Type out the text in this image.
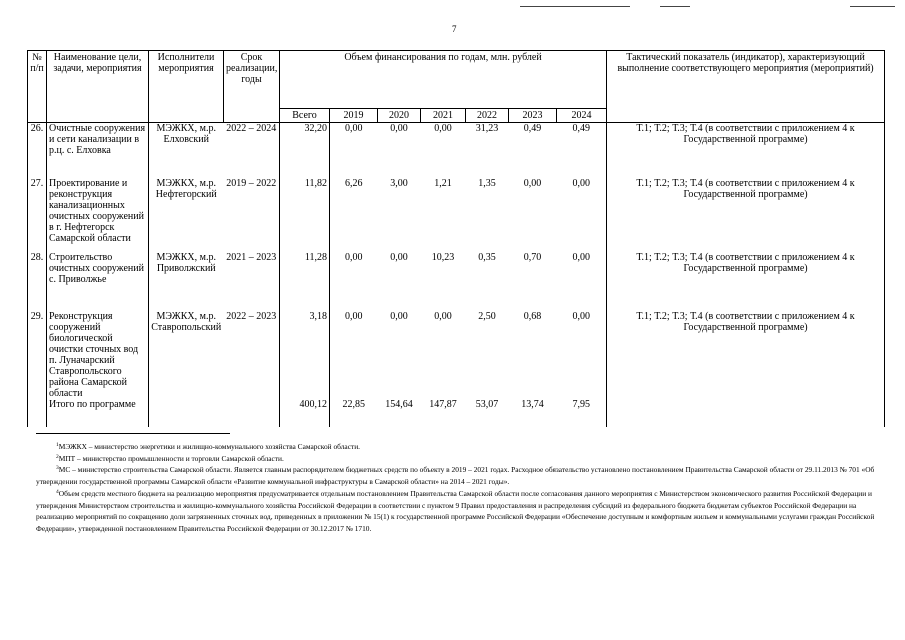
7
№ п/п	Наименование цели, задачи, мероприятия	Исполнители мероприятия	Срок реализации, годы	Объем финансирования по годам, млн. рублей							Тактический показатель (индикатор), характеризующий выполнение соответствующего мероприятия (мероприятий)
				Всего	2019	2020	2021	2022	2023	2024	
26.	Очистные сооружения и сети канализации в р.ц. с. Елховка	МЭЖКХ, м.р. Елховский	2022 – 2024	32,20	0,00	0,00	0,00	31,23	0,49	0,49	Т.1; Т.2; Т.3; Т.4 (в соответствии с приложением 4 к Государственной программе)
27.	Проектирование и реконструкция канализационных очистных сооружений в г. Нефтегорск Самарской области	МЭЖКХ, м.р. Нефтегорский	2019 – 2022	11,82	6,26	3,00	1,21	1,35	0,00	0,00	Т.1; Т.2; Т.3; Т.4 (в соответствии с приложением 4 к Государственной программе)
28.	Строительство очистных сооружений с. Приволжье	МЭЖКХ, м.р. Приволжский	2021 – 2023	11,28	0,00	0,00	10,23	0,35	0,70	0,00	Т.1; Т.2; Т.3; Т.4 (в соответствии с приложением 4 к Государственной программе)
29.	Реконструкция сооружений биологической очистки сточных вод п. Луначарский Ставропольского района Самарской области	МЭЖКХ, м.р. Ставропольский	2022 – 2023	3,18	0,00	0,00	0,00	2,50	0,68	0,00	Т.1; Т.2; Т.3; Т.4 (в соответствии с приложением 4 к Государственной программе)
	Итого по программе			400,12	22,85	154,64	147,87	53,07	13,74	7,95	

$^1$МЭЖКХ – министерство энергетики и жилищно-коммунального хозяйства Самарской области.

$^2$МПТ – министерство промышленности и торговли Самарской области.

$^3$МС – министерство строительства Самарской области. Является главным распорядителем бюджетных средств по объекту в 2019 – 2021 годах. Расходное обязательство установлено постановлением Правительства Самарской области от 29.11.2013 № 701 «Об утверждении государственной программы Самарской области «Развитие коммунальной инфраструктуры в Самарской области» на 2014 – 2021 годы».

$^4$Объем средств местного бюджета на реализацию мероприятия предусматривается отдельным постановлением Правительства Самарской области после согласования данного мероприятия с Министерством экономического развития Российской Федерации и утверждения Министерством строительства и жилищно-коммунального хозяйства Российской Федерации в соответствии с пунктом 9 Правил предоставления и распределения субсидий из федерального бюджета бюджетам субъектов Российской Федерации на реализацию мероприятий по сокращению доли загрязненных сточных вод, приведенных в приложении № 15(1) к государственной программе Российской Федерации «Обеспечение доступным и комфортным жильем и коммунальными услугами граждан Российской Федерации», утвержденной постановлением Правительства Российской Федерации от 30.12.2017 № 1710.
